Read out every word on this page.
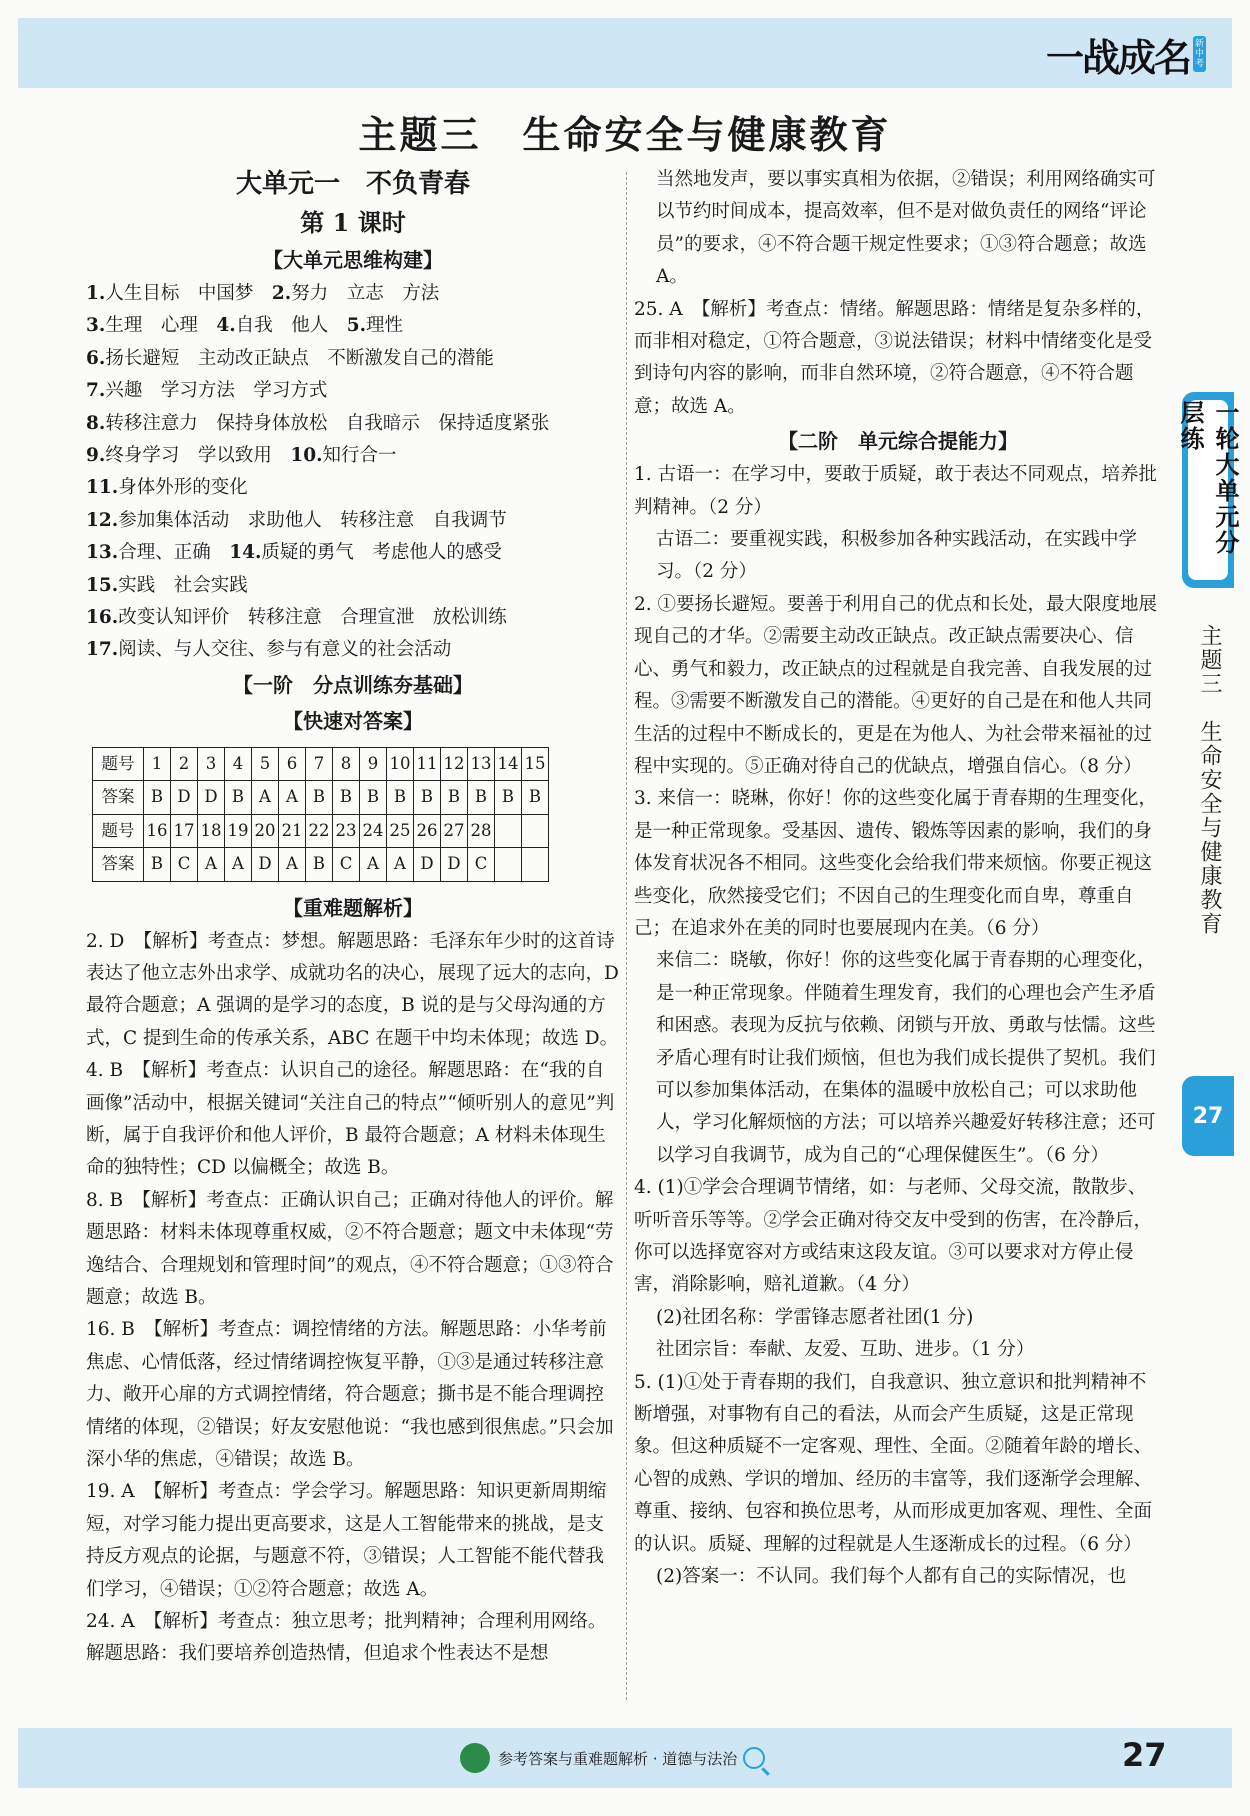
一战成名 新
中
考
主题三　生命安全与健康教育
大单元一　不负青春
第 1 课时
【大单元思维构建】
1.人生目标　中国梦　 2.努力　立志　方法
3.生理　心理　 4.自我　他人　 5.理性
6.扬长避短　主动改正缺点　不断激发自己的潜能
7.兴趣　学习方法　学习方式
8.转移注意力　保持身体放松　自我暗示　保持适度紧张
9.终身学习　学以致用　 10.知行合一
11.身体外形的变化
12.参加集体活动　求助他人　转移注意　自我调节
13.合理、正确　 14.质疑的勇气　考虑他人的感受
15.实践　社会实践
16.改变认知评价　转移注意　合理宣泄　放松训练
17.阅读、与人交往、参与有意义的社会活动
【一阶　分点训练夯基础】
【快速对答案】
题号	1	2	3	4	5	6	7	8	9	10	11	12	13	14	15
答案	B	D	D	B	A	A	B	B	B	B	B	B	B	B	B
题号	16	17	18	19	20	21	22	23	24	25	26	27	28		
答案	B	C	A	A	D	A	B	C	A	A	D	D	C		
【重难题解析】

2. D　【解析】考查点：梦想。解题思路：毛泽东年少时的这首诗表达了他立志外出求学、成就功名的决心，展现了远大的志向，D 最符合题意；A 强调的是学习的态度，B 说的是与父母沟通的方式，C 提到生命的传承关系，ABC 在题干中均未体现；故选 D。

4. B　【解析】考查点：认识自己的途径。解题思路：在“我的自画像”活动中，根据关键词“关注自己的特点”“倾听别人的意见”判断，属于自我评价和他人评价，B 最符合题意；A 材料未体现生命的独特性；CD 以偏概全；故选 B。

8. B　【解析】考查点：正确认识自己；正确对待他人的评价。解题思路：材料未体现尊重权威，②不符合题意；题文中未体现“劳逸结合、合理规划和管理时间”的观点，④不符合题意；①③符合题意；故选 B。

16. B　【解析】考查点：调控情绪的方法。解题思路：小华考前焦虑、心情低落，经过情绪调控恢复平静，①③是通过转移注意力、敞开心扉的方式调控情绪，符合题意；撕书是不能合理调控情绪的体现，②错误；好友安慰他说：“我也感到很焦虑。”只会加深小华的焦虑，④错误；故选 B。

19. A　【解析】考查点：学会学习。解题思路：知识更新周期缩短，对学习能力提出更高要求，这是人工智能带来的挑战，是支持反方观点的论据，与题意不符，③错误；人工智能不能代替我们学习，④错误；①②符合题意；故选 A。

24. A　【解析】考查点：独立思考；批判精神；合理利用网络。解题思路：我们要培养创造热情，但追求个性表达不是想

当然地发声，要以事实真相为依据，②错误；利用网络确实可以节约时间成本，提高效率，但不是对做负责任的网络“评论员”的要求，④不符合题干规定性要求；①③符合题意；故选 A。

25. A　【解析】考查点：情绪。解题思路：情绪是复杂多样的，而非相对稳定，①符合题意，③说法错误；材料中情绪变化是受到诗句内容的影响，而非自然环境，②符合题意，④不符合题意；故选 A。

【二阶　单元综合提能力】

1. 古语一：在学习中，要敢于质疑，敢于表达不同观点，培养批判精神。（2 分）

古语二：要重视实践，积极参加各种实践活动，在实践中学习。（2 分）

2. ①要扬长避短。要善于利用自己的优点和长处，最大限度地展现自己的才华。②需要主动改正缺点。改正缺点需要决心、信心、勇气和毅力，改正缺点的过程就是自我完善、自我发展的过程。③需要不断激发自己的潜能。④更好的自己是在和他人共同生活的过程中不断成长的，更是在为他人、为社会带来福祉的过程中实现的。⑤正确对待自己的优缺点，增强自信心。（8 分）

3. 来信一：晓琳，你好！你的这些变化属于青春期的生理变化，是一种正常现象。受基因、遗传、锻炼等因素的影响，我们的身体发育状况各不相同。这些变化会给我们带来烦恼。你要正视这些变化，欣然接受它们；不因自己的生理变化而自卑，尊重自己；在追求外在美的同时也要展现内在美。（6 分）

来信二：晓敏，你好！你的这些变化属于青春期的心理变化，是一种正常现象。伴随着生理发育，我们的心理也会产生矛盾和困惑。表现为反抗与依赖、闭锁与开放、勇敢与怯懦。这些矛盾心理有时让我们烦恼，但也为我们成长提供了契机。我们可以参加集体活动，在集体的温暖中放松自己；可以求助他人，学习化解烦恼的方法；可以培养兴趣爱好转移注意；还可以学习自我调节，成为自己的“心理保健医生”。（6 分）

4. (1)①学会合理调节情绪，如：与老师、父母交流，散散步、听听音乐等等。②学会正确对待交友中受到的伤害，在冷静后，你可以选择宽容对方或结束这段友谊。③可以要求对方停止侵害，消除影响，赔礼道歉。（4 分）

(2)社团名称：学雷锋志愿者社团(1 分)

社团宗旨：奉献、友爱、互助、进步。（1 分）

5. (1)①处于青春期的我们，自我意识、独立意识和批判精神不断增强，对事物有自己的看法，从而会产生质疑，这是正常现象。但这种质疑不一定客观、理性、全面。②随着年龄的增长、心智的成熟、学识的增加、经历的丰富等，我们逐渐学会理解、尊重、接纳、包容和换位思考，从而形成更加客观、理性、全面的认识。质疑、理解的过程就是人生逐渐成长的过程。（6 分）

(2)答案一：不认同。我们每个人都有自己的实际情况，也

一轮大单元分层练
主题三　生命安全与健康教育
27
参考答案与重难题解析 · 道德与法治	27
